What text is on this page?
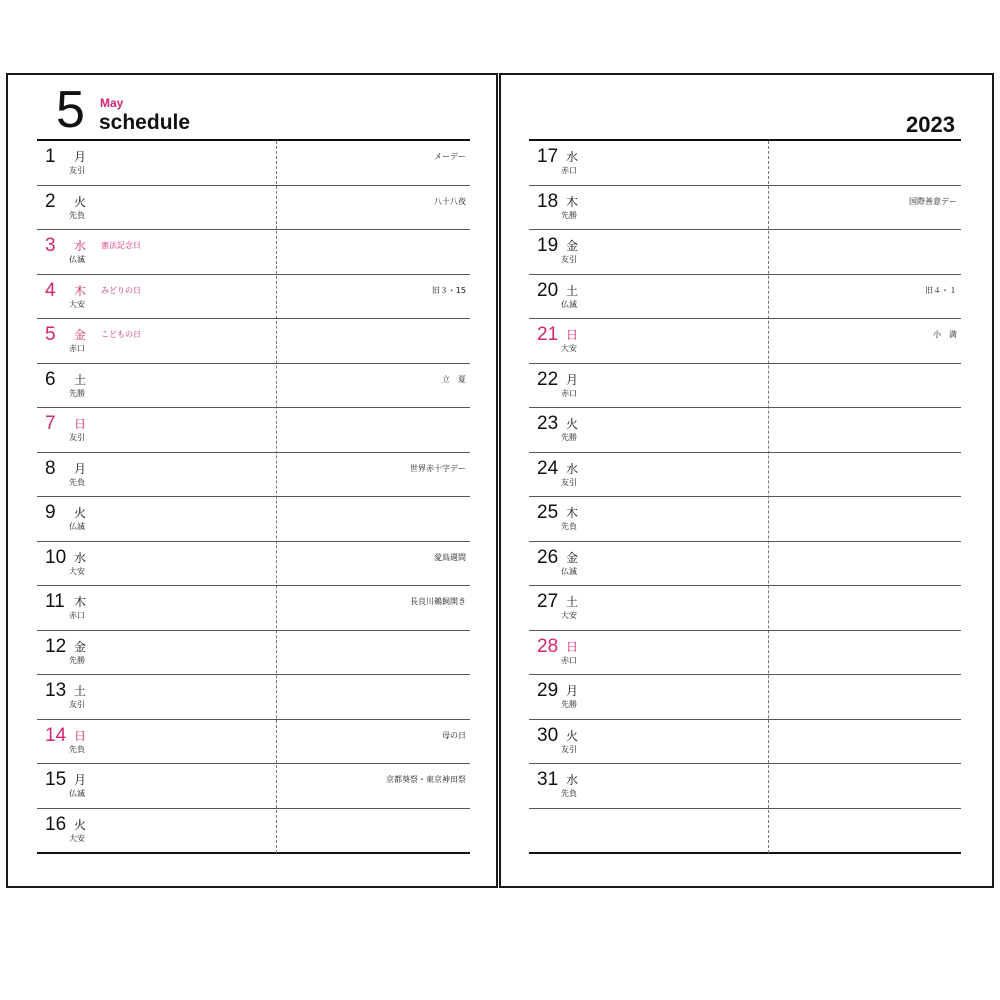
5 May
schedule	2023
1 月
友引
メーデー
2 火
先負
八十八夜
3 水
仏滅
憲法記念日
4 木
大安
みどりの日	旧３・15
5 金
赤口
こどもの日
6 土
先勝
立　夏
7 日
友引
8 月
先負
世界赤十字デー
9 火
仏滅
10 水
大安
愛鳥週間
11 木
赤口
長良川鵜飼開き
12 金
先勝
13 土
友引
14 日
先負
母の日
15 月
仏滅
京都葵祭・東京神田祭
16 火
大安
17 水
赤口
18 木
先勝
国際善意デー
19 金
友引
20 土
仏滅
旧４・１
21 日
大安
小　満
22 月
赤口
23 火
先勝
24 水
友引
25 木
先負
26 金
仏滅
27 土
大安
28 日
赤口
29 月
先勝
30 火
友引
31 水
先負
